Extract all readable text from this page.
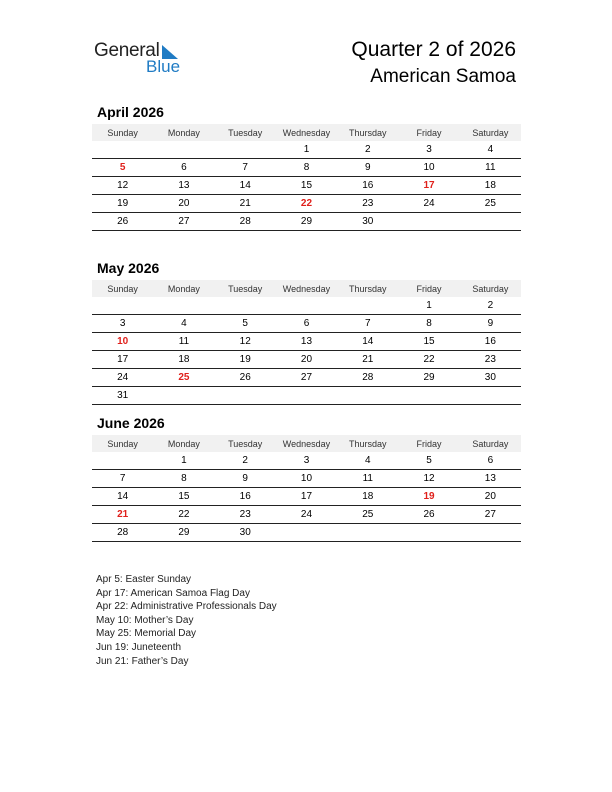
General
Blue
Quarter 2 of 2026
American Samoa
April 2026
Sunday	Monday	Tuesday	Wednesday	Thursday	Friday	Saturday
			1	2	3	4
5	6	7	8	9	10	11
12	13	14	15	16	17	18
19	20	21	22	23	24	25
26	27	28	29	30		
May 2026
Sunday	Monday	Tuesday	Wednesday	Thursday	Friday	Saturday
					1	2
3	4	5	6	7	8	9
10	11	12	13	14	15	16
17	18	19	20	21	22	23
24	25	26	27	28	29	30
31						
June 2026
Sunday	Monday	Tuesday	Wednesday	Thursday	Friday	Saturday
	1	2	3	4	5	6
7	8	9	10	11	12	13
14	15	16	17	18	19	20
21	22	23	24	25	26	27
28	29	30				
Apr 5: Easter Sunday
Apr 17: American Samoa Flag Day
Apr 22: Administrative Professionals Day
May 10: Mother’s Day
May 25: Memorial Day
Jun 19: Juneteenth
Jun 21: Father’s Day
